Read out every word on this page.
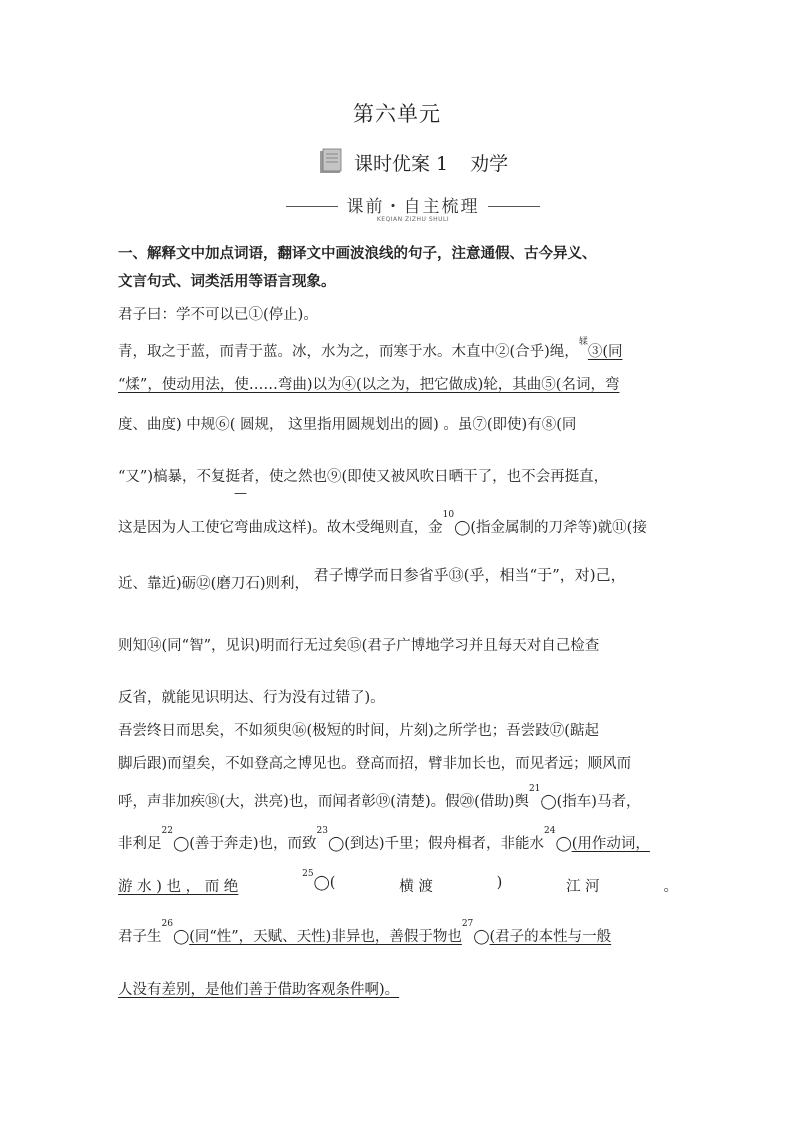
第六单元
课时优案 1 劝学
课前・自主梳理
KEQIAN ZIZHU SHULI
一、解释文中加点词语，翻译文中画波浪线的句子，注意通假、古今异义、
文言句式、词类活用等语言现象。
君子曰：学不可以已①(停止)。
青，取之于蓝，而青于蓝。冰，水为之，而寒于水。木直中②(合乎)绳，$^𫐓$③(同
“煣”，使动用法，使……弯曲)以为④(以之为，把它做成)轮，其曲⑤(名词，弯
度、曲度) 中规⑥( 圆规， 这里指用圆规划出的圆) 。虽⑦(即使)有⑧(同
“又”)槁暴，不复挺者，使之然也⑨(即使又被风吹日晒干了，也不会再挺直，
—
这是因为人工使它弯曲成这样)。故木受绳则直，金$^{10}$◯(指金属制的刀斧等)就⑪(接
近、靠近)砺⑫(磨刀石)则利， 君子博学而日参省乎⑬(乎，相当“于”，对)己，
则知⑭(同“智”，见识)明而行无过矣⑮(君子广博地学习并且每天对自己检查
反省，就能见识明达、行为没有过错了)。
吾尝终日而思矣，不如须臾⑯(极短的时间，片刻)之所学也；吾尝跂⑰(踮起
脚后跟)而望矣，不如登高之博见也。登高而招，臂非加长也，而见者远；顺风而
呼，声非加疾⑱(大，洪亮)也，而闻者彰⑲(清楚)。假⑳(借助)舆$^{21}$◯(指车)马者，
非利足$^{22}$◯(善于奔走)也，而致$^{23}$◯(到达)千里；假舟楫者，非能水$^{24}$◯(用作动词，
游 水 ) 也 ， 而 绝
$^{25}$◯(	横 渡	)	江 河	。
君子生$^{26}$◯(同“性”，天赋、天性)非异也，善假于物也$^{27}$◯(君子的本性与一般
人没有差别，是他们善于借助客观条件啊)。
